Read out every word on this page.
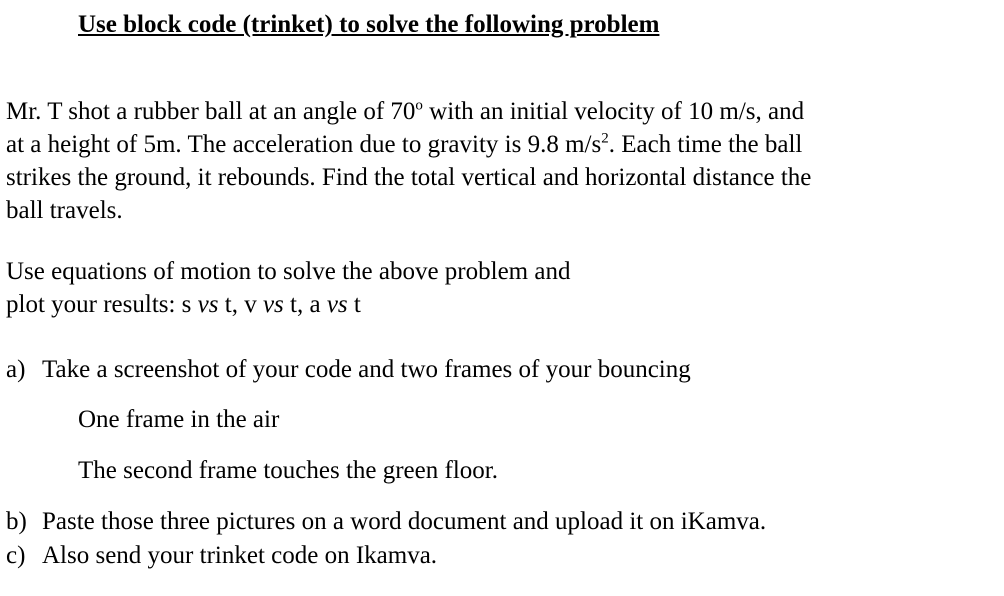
Use block code (trinket) to solve the following problem
Mr. T shot a rubber ball at an angle of 70$^o$ with an initial velocity of 10 m/s, and
at a height of 5m. The acceleration due to gravity is 9.8 $m/s^2$. Each time the ball
strikes the ground, it rebounds. Find the total vertical and horizontal distance the
ball travels.
Use equations of motion to solve the above problem and
plot your results: s vs t, v vs t, a vs t
a) Take a screenshot of your code and two frames of your bouncing
One frame in the air
The second frame touches the green floor.
b) Paste those three pictures on a word document and upload it on iKamva.
c) Also send your trinket code on Ikamva.
